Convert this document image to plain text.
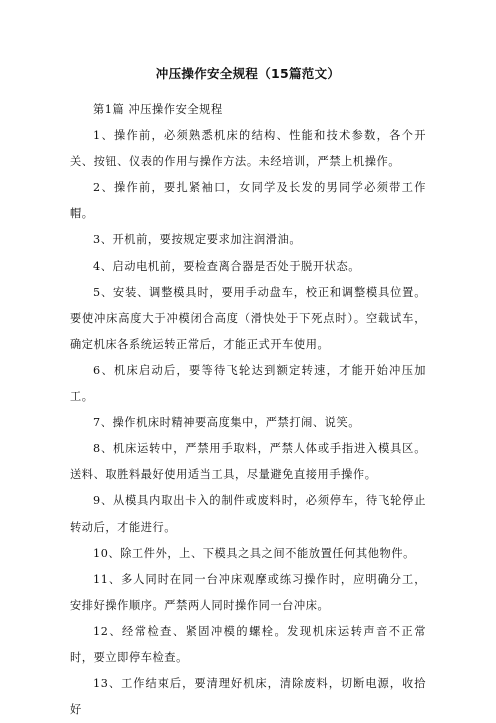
冲压操作安全规程（15篇范文）

第1篇 冲压操作安全规程

1、操作前，必须熟悉机床的结构、性能和技术参数，各个开关、按钮、仪表的作用与操作方法。未经培训，严禁上机操作。

2、操作前，要扎紧袖口，女同学及长发的男同学必须带工作帽。

3、开机前，要按规定要求加注润滑油。

4、启动电机前，要检查离合器是否处于脱开状态。

5、安装、调整模具时，要用手动盘车，校正和调整模具位置。要使冲床高度大于冲模闭合高度（滑快处于下死点时）。空载试车，确定机床各系统运转正常后，才能正式开车使用。

6、机床启动后，要等待飞轮达到额定转速，才能开始冲压加工。

7、操作机床时精神要高度集中，严禁打闹、说笑。

8、机床运转中，严禁用手取料，严禁人体或手指进入模具区。送料、取胜料最好使用适当工具，尽量避免直接用手操作。

9、从模具内取出卡入的制件或废料时，必须停车，待飞轮停止转动后，才能进行。

10、除工件外，上、下模具之具之间不能放置任何其他物件。

11、多人同时在同一台冲床观摩或练习操作时，应明确分工，安排好操作顺序。严禁两人同时操作同一台冲床。

12、经常检查、紧固冲模的螺栓。发现机床运转声音不正常时，要立即停车检查。

13、工作结束后，要清理好机床，清除废料，切断电源，收拾好
